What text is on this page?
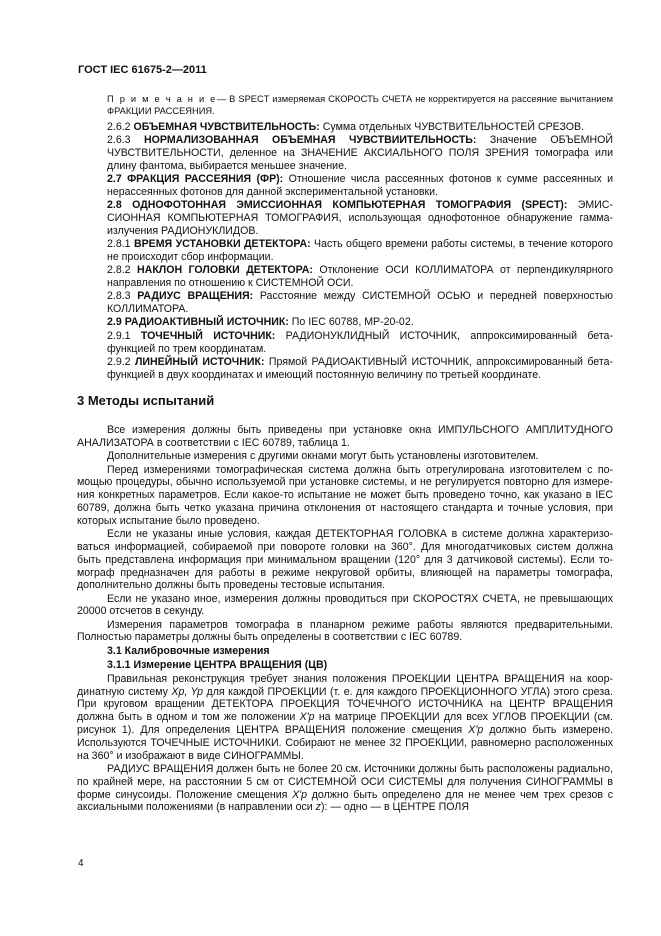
ГОСТ IEC 61675-2—2011

П р и м е ч а н и е— В SPECT измеряемая СКОРОСТЬ СЧЕТА не корректируется на рассеяние вычитанием ФРАКЦИИ РАССЕЯНИЯ.

2.6.2 ОБЪЕМНАЯ ЧУВСТВИТЕЛЬНОСТЬ: Сумма отдельных ЧУВСТВИТЕЛЬНОСТЕЙ СРЕЗОВ.

2.6.3 НОРМАЛИЗОВАННАЯ ОБЪЕМНАЯ ЧУВСТВИИТЕЛЬНОСТЬ: Значение ОБЪЕМНОЙ ЧУВСТВИТЕЛЬНОСТИ, деленное на ЗНАЧЕНИЕ АКСИАЛЬНОГО ПОЛЯ ЗРЕНИЯ томографа или длину фантома, выбирается меньшее значение.

2.7 ФРАКЦИЯ РАССЕЯНИЯ (ФР): Отношение числа рассеянных фотонов к сумме рассеянных и нерассеянных фотонов для данной экспериментальной установки.

2.8 ОДНОФОТОННАЯ ЭМИССИОННАЯ КОМПЬЮТЕРНАЯ ТОМОГРАФИЯ (SPECT): ЭМИССИОННАЯ КОМПЬЮТЕРНАЯ ТОМОГРАФИЯ, использующая однофотонное обнаружение гамма-излучения РАДИОНУКЛИДОВ.

2.8.1 ВРЕМЯ УСТАНОВКИ ДЕТЕКТОРА: Часть общего времени работы системы, в течение которого не происходит сбор информации.

2.8.2 НАКЛОН ГОЛОВКИ ДЕТЕКТОРА: Отклонение ОСИ КОЛЛИМАТОРА от перпендикулярного направления по отношению к СИСТЕМНОЙ ОСИ.

2.8.3 РАДИУС ВРАЩЕНИЯ: Расстояние между СИСТЕМНОЙ ОСЬЮ и передней поверхностью КОЛЛИМАТОРА.

2.9 РАДИОАКТИВНЫЙ ИСТОЧНИК: По IEC 60788, МР-20-02.

2.9.1 ТОЧЕЧНЫЙ ИСТОЧНИК: РАДИОНУКЛИДНЫЙ ИСТОЧНИК, аппроксимированный бета-функцией по трем координатам.

2.9.2 ЛИНЕЙНЫЙ ИСТОЧНИК: Прямой РАДИОАКТИВНЫЙ ИСТОЧНИК, аппроксимированный бета-функцией в двух координатах и имеющий постоянную величину по третьей координате.

3 Методы испытаний

Все измерения должны быть приведены при установке окна ИМПУЛЬСНОГО АМПЛИТУДНОГО АНАЛИЗАТОРА в соответствии с IEC 60789, таблица 1.

Дополнительные измерения с другими окнами могут быть установлены изготовителем.

Перед измерениями томографическая система должна быть отрегулирована изготовителем с помощью процедуры, обычно используемой при установке системы, и не регулируется повторно для измерения конкретных параметров. Если какое-то испытание не может быть проведено точно, как указано в IEC 60789, должна быть четко указана причина отклонения от настоящего стандарта и точные условия, при которых испытание было проведено.

Если не указаны иные условия, каждая ДЕТЕКТОРНАЯ ГОЛОВКА в системе должна характеризоваться информацией, собираемой при повороте головки на 360°. Для многодатчиковых систем должна быть представлена информация при минимальном вращении (120° для 3 датчиковой системы). Если томограф предназначен для работы в режиме некруговой орбиты, влияющей на параметры томографа, дополнительно должны быть проведены тестовые испытания.

Если не указано иное, измерения должны проводиться при СКОРОСТЯХ СЧЕТА, не превышающих 20000 отсчетов в секунду.

Измерения параметров томографа в планарном режиме работы являются предварительными. Полностью параметры должны быть определены в соответствии с IEC 60789.

3.1 Калибровочные измерения
3.1.1 Измерение ЦЕНТРА ВРАЩЕНИЯ (ЦВ)

Правильная реконструкция требует знания положения ПРОЕКЦИИ ЦЕНТРА ВРАЩЕНИЯ на координатную систему Xp, Yp для каждой ПРОЕКЦИИ (т. е. для каждого ПРОЕКЦИОННОГО УГЛА) этого среза. При круговом вращении ДЕТЕКТОРА ПРОЕКЦИЯ ТОЧЕЧНОГО ИСТОЧНИКА на ЦЕНТР ВРАЩЕНИЯ должна быть в одном и том же положении X'p на матрице ПРОЕКЦИИ для всех УГЛОВ ПРОЕКЦИИ (см. рисунок 1). Для определения ЦЕНТРА ВРАЩЕНИЯ положение смещения X'p должно быть измерено. Используются ТОЧЕЧНЫЕ ИСТОЧНИКИ. Собирают не менее 32 ПРОЕКЦИИ, равномерно расположенных на 360° и изображают в виде СИНОГРАММЫ.

РАДИУС ВРАЩЕНИЯ должен быть не более 20 см. Источники должны быть расположены радиально, по крайней мере, на расстоянии 5 см от СИСТЕМНОЙ ОСИ СИСТЕМЫ для получения СИНОГРАММЫ в форме синусоиды. Положение смещения X'p должно быть определено для не менее чем трех срезов с аксиальными положениями (в направлении оси z): — одно — в ЦЕНТРЕ ПОЛЯ

4
